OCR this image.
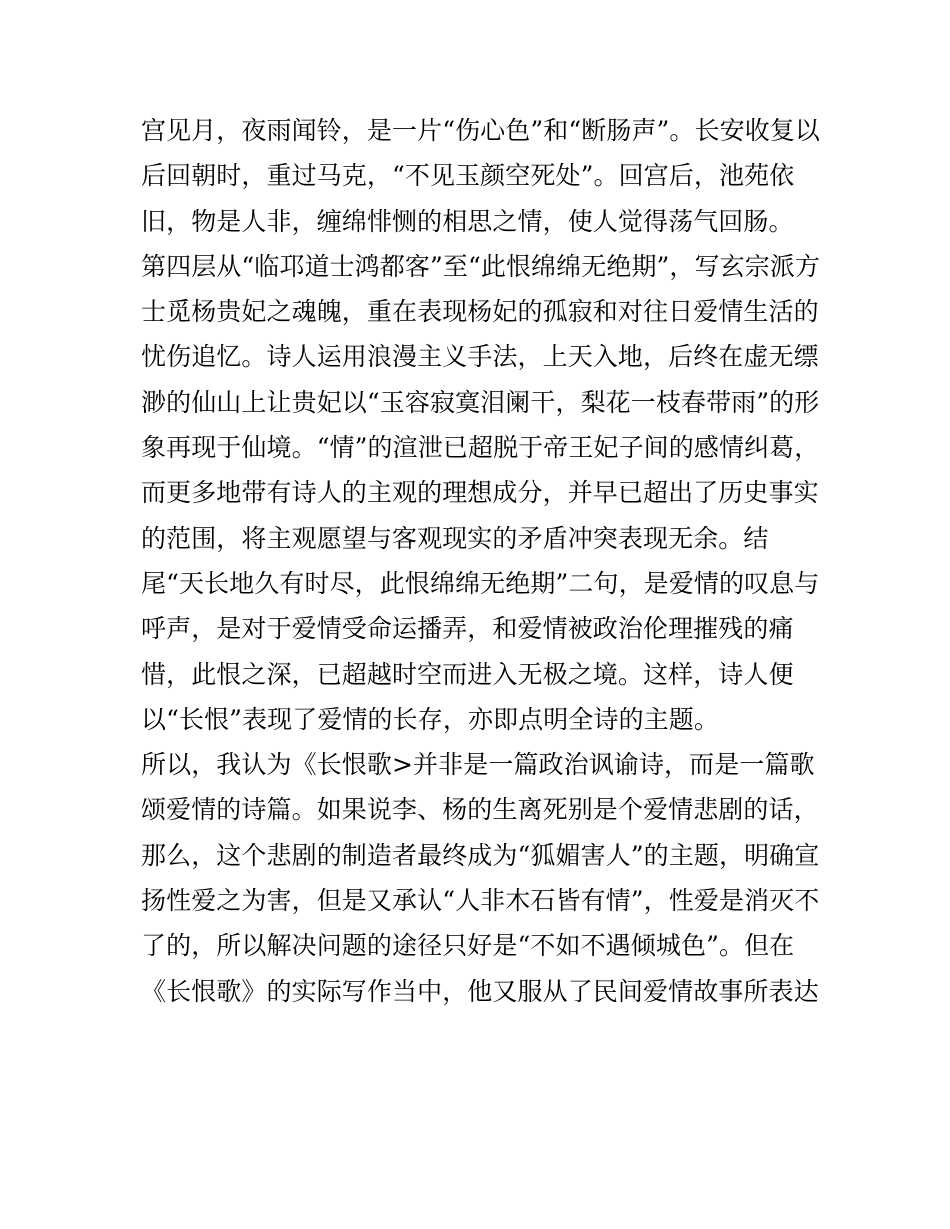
宫见月，夜雨闻铃，是一片“伤心色”和“断肠声”。长安收复以
后回朝时，重过马克，“不见玉颜空死处”。回宫后，池苑依
旧，物是人非，缠绵悱恻的相思之情，使人觉得荡气回肠。
第四层从“临邛道士鸿都客”至“此恨绵绵无绝期”，写玄宗派方
士觅杨贵妃之魂魄，重在表现杨妃的孤寂和对往日爱情生活的
忧伤追忆。诗人运用浪漫主义手法，上天入地，后终在虚无缥
渺的仙山上让贵妃以“玉容寂寞泪阑干，梨花一枝春带雨”的形
象再现于仙境。“情”的渲泄已超脱于帝王妃子间的感情纠葛，
而更多地带有诗人的主观的理想成分，并早已超出了历史事实
的范围，将主观愿望与客观现实的矛盾冲突表现无余。结
尾“天长地久有时尽，此恨绵绵无绝期”二句，是爱情的叹息与
呼声，是对于爱情受命运播弄，和爱情被政治伦理摧残的痛
惜，此恨之深，已超越时空而进入无极之境。这样，诗人便
以“长恨”表现了爱情的长存，亦即点明全诗的主题。
所以，我认为《长恨歌>并非是一篇政治讽谕诗，而是一篇歌
颂爱情的诗篇。如果说李、杨的生离死别是个爱情悲剧的话，
那么，这个悲剧的制造者最终成为“狐媚害人”的主题，明确宣
扬性爱之为害，但是又承认“人非木石皆有情”，性爱是消灭不
了的，所以解决问题的途径只好是“不如不遇倾城色”。但在
《长恨歌》的实际写作当中，他又服从了民间爱情故事所表达
